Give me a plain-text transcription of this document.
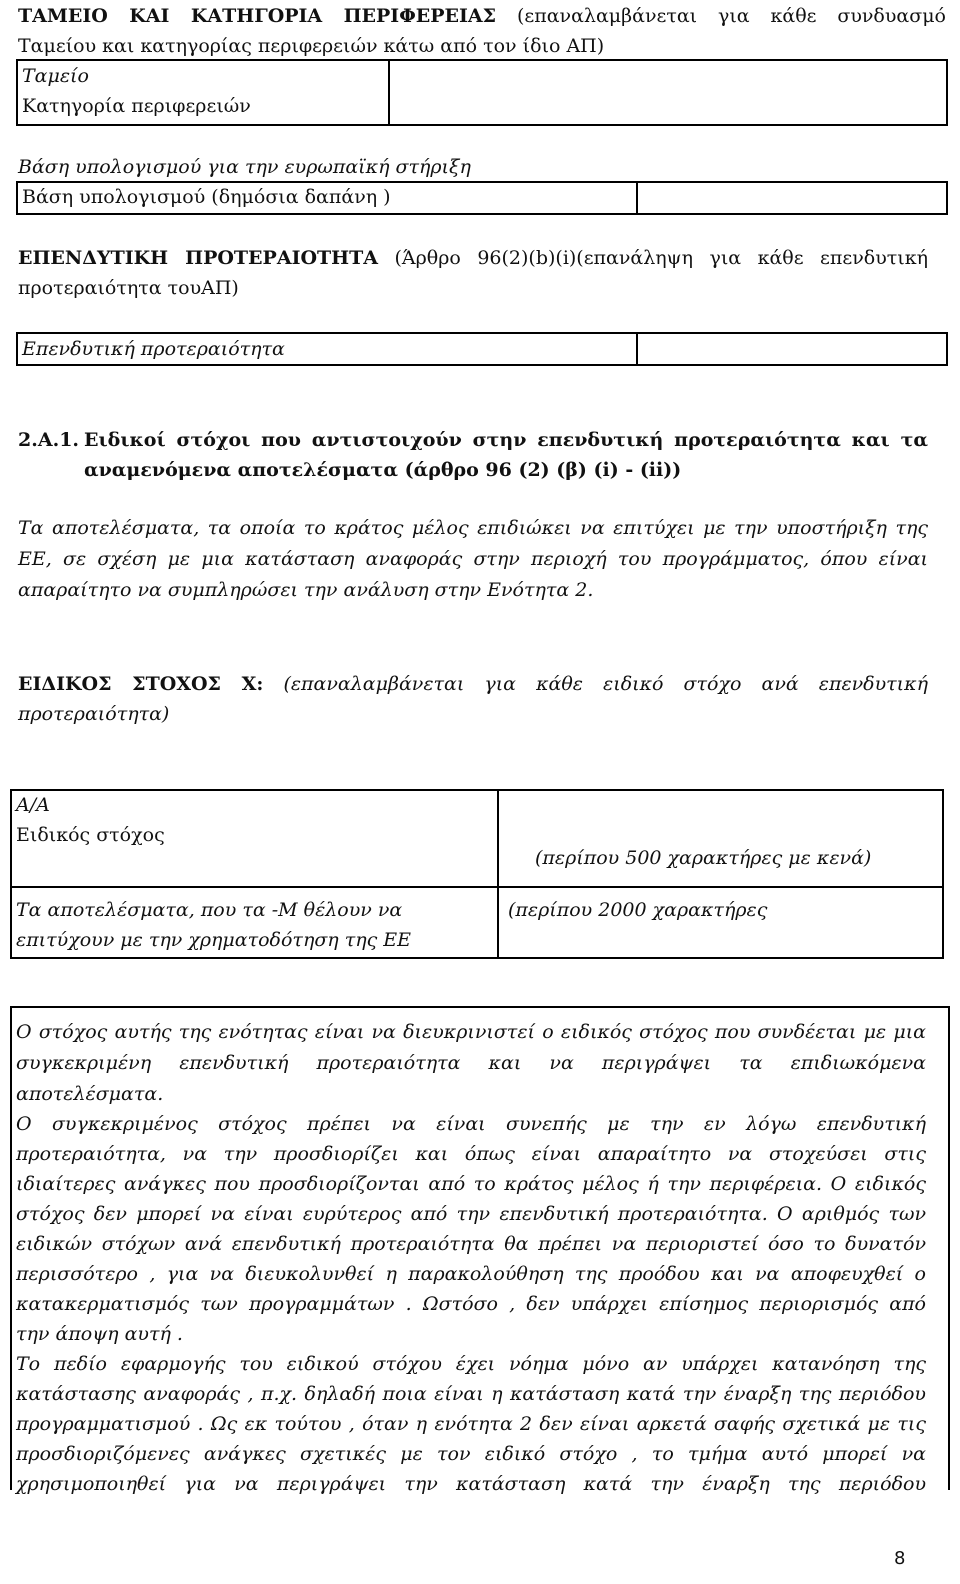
ΤΑΜΕΙΟ ΚΑΙ ΚΑΤΗΓΟΡΙΑ ΠΕΡΙΦΕΡΕΙΑΣ (επαναλαμβάνεται για κάθε συνδυασμό
Ταμείου και κατηγορίας περιφερειών κάτω από τον ίδιο ΑΠ)
Ταμείο
Κατηγορία περιφερειών
Βάση υπολογισμού για την ευρωπαϊκή στήριξη
Βάση υπολογισμού (δημόσια δαπάνη )
ΕΠΕΝΔΥΤΙΚΗ ΠΡΟΤΕΡΑΙΟΤΗΤΑ (Άρθρο 96(2)(b)(i)(επανάληψη για κάθε επενδυτική
προτεραιότητα τουΑΠ)
Επενδυτική προτεραιότητα
2.Α.1. Ειδικοί στόχοι που αντιστοιχούν στην επενδυτική προτεραιότητα και τα
αναμενόμενα αποτελέσματα (άρθρο 96 (2) (β) (i) - (ii))
Τα αποτελέσματα, τα οποία το κράτος μέλος επιδιώκει να επιτύχει με την υποστήριξη της
ΕΕ, σε σχέση με μια κατάσταση αναφοράς στην περιοχή του προγράμματος, όπου είναι
απαραίτητο να συμπληρώσει την ανάλυση στην Ενότητα 2.
ΕΙΔΙΚΟΣ ΣΤΟΧΟΣ Χ: (επαναλαμβάνεται για κάθε ειδικό στόχο ανά επενδυτική
προτεραιότητα)
Α/Α
Ειδικός στόχος
(περίπου 500 χαρακτήρες με κενά)
Τα αποτελέσματα, που τα -Μ θέλουν να
επιτύχουν με την χρηματοδότηση της ΕΕ
(περίπου 2000 χαρακτήρες
Ο στόχος αυτής της ενότητας είναι να διευκρινιστεί ο ειδικός στόχος που συνδέεται με μια
συγκεκριμένη επενδυτική προτεραιότητα και να περιγράψει τα επιδιωκόμενα
αποτελέσματα.
Ο συγκεκριμένος στόχος πρέπει να είναι συνεπής με την εν λόγω επενδυτική
προτεραιότητα, να την προσδιορίζει και όπως είναι απαραίτητο να στοχεύσει στις
ιδιαίτερες ανάγκες που προσδιορίζονται από το κράτος μέλος ή την περιφέρεια. Ο ειδικός
στόχος δεν μπορεί να είναι ευρύτερος από την επενδυτική προτεραιότητα. Ο αριθμός των
ειδικών στόχων ανά επενδυτική προτεραιότητα θα πρέπει να περιοριστεί όσο το δυνατόν
περισσότερο , για να διευκολυνθεί η παρακολούθηση της προόδου και να αποφευχθεί ο
κατακερματισμός των προγραμμάτων . Ωστόσο , δεν υπάρχει επίσημος περιορισμός από
την άποψη αυτή .
Το πεδίο εφαρμογής του ειδικού στόχου έχει νόημα μόνο αν υπάρχει κατανόηση της
κατάστασης αναφοράς , π.χ. δηλαδή ποια είναι η κατάσταση κατά την έναρξη της περιόδου
προγραμματισμού . Ως εκ τούτου , όταν η ενότητα 2 δεν είναι αρκετά σαφής σχετικά με τις
προσδιοριζόμενες ανάγκες σχετικές με τον ειδικό στόχο , το τμήμα αυτό μπορεί να
χρησιμοποιηθεί για να περιγράψει την κατάσταση κατά την έναρξη της περιόδου
8
